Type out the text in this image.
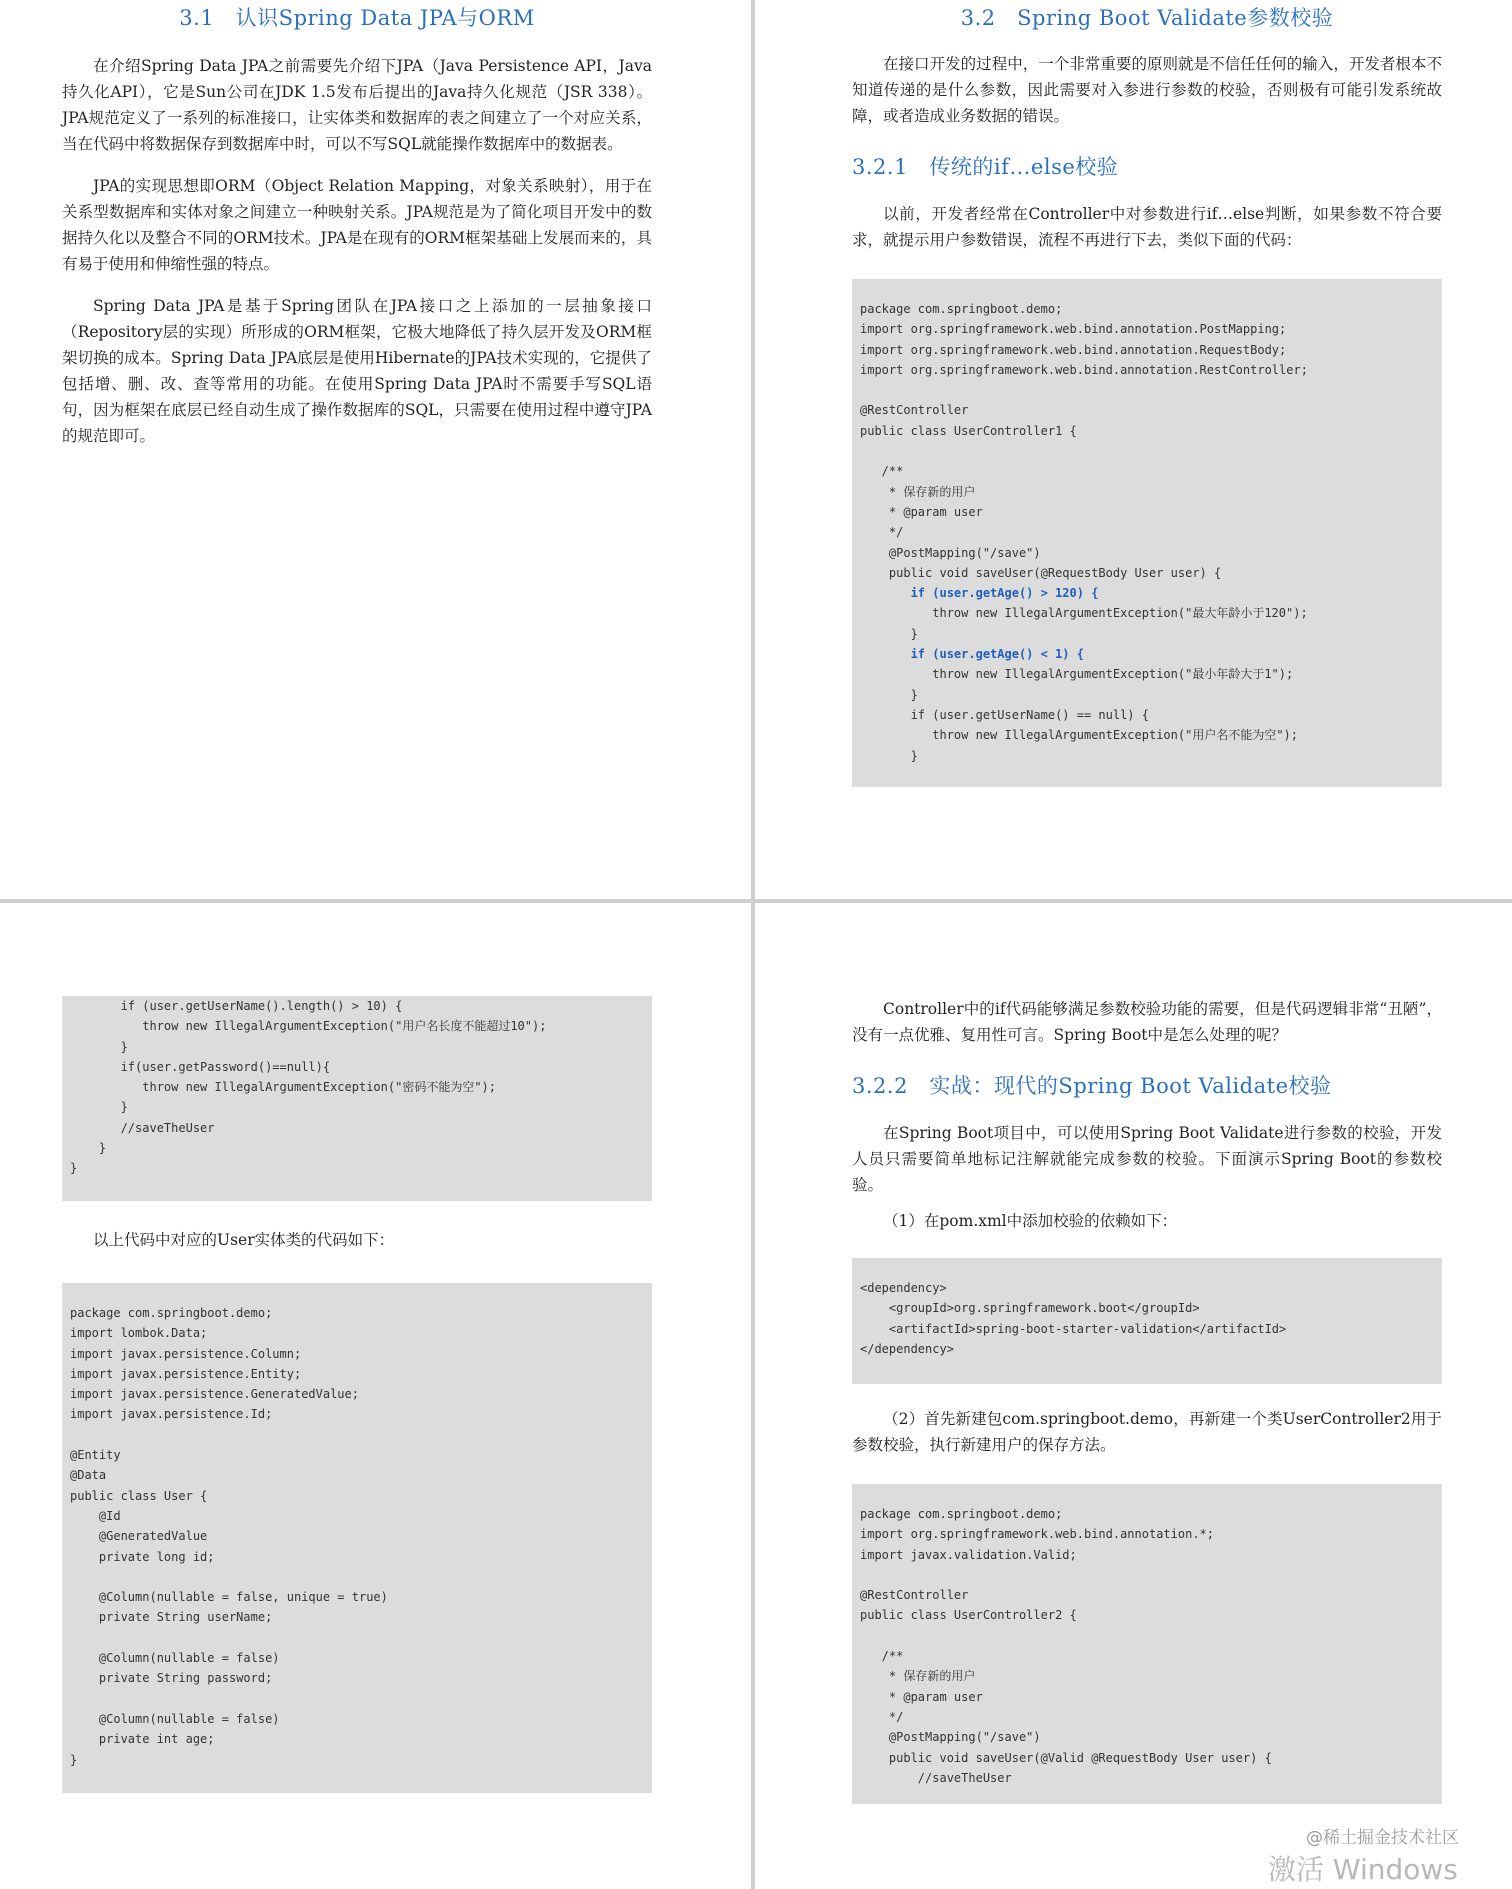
3.1　认识Spring Data JPA与ORM

在介绍Spring Data JPA之前需要先介绍下JPA（Java Persistence API，Java持久化API），它是Sun公司在JDK 1.5发布后提出的Java持久化规范（JSR 338）。JPA规范定义了一系列的标准接口，让实体类和数据库的表之间建立了一个对应关系，当在代码中将数据保存到数据库中时，可以不写SQL就能操作数据库中的数据表。

JPA的实现思想即ORM（Object Relation Mapping，对象关系映射），用于在关系型数据库和实体对象之间建立一种映射关系。JPA规范是为了简化项目开发中的数据持久化以及整合不同的ORM技术。JPA是在现有的ORM框架基础上发展而来的，具有易于使用和伸缩性强的特点。

Spring Data JPA是基于Spring团队在JPA接口之上添加的一层抽象接口（Repository层的实现）所形成的ORM框架，它极大地降低了持久层开发及ORM框架切换的成本。Spring Data JPA底层是使用Hibernate的JPA技术实现的，它提供了包括增、删、改、查等常用的功能。在使用Spring Data JPA时不需要手写SQL语句，因为框架在底层已经自动生成了操作数据库的SQL，只需要在使用过程中遵守JPA的规范即可。

3.2　Spring Boot Validate参数校验

在接口开发的过程中，一个非常重要的原则就是不信任任何的输入，开发者根本不知道传递的是什么参数，因此需要对入参进行参数的校验，否则极有可能引发系统故障，或者造成业务数据的错误。

3.2.1　传统的if…else校验

以前，开发者经常在Controller中对参数进行if…else判断，如果参数不符合要求，就提示用户参数错误，流程不再进行下去，类似下面的代码：

package com.springboot.demo;
import org.springframework.web.bind.annotation.PostMapping;
import org.springframework.web.bind.annotation.RequestBody;
import org.springframework.web.bind.annotation.RestController;
@RestController
public class UserController1 {
/**
* 保存新的用户
* @param user
*/
@PostMapping("/save")
public void saveUser(@RequestBody User user) {
if (user.getAge() > 120) {
throw new IllegalArgumentException("最大年龄小于120");
}
if (user.getAge() < 1) {
throw new IllegalArgumentException("最小年龄大于1");
}
if (user.getUserName() == null) {
throw new IllegalArgumentException("用户名不能为空");
}
if (user.getUserName().length() > 10) {
throw new IllegalArgumentException("用户名长度不能超过10");
}
if(user.getPassword()==null){
throw new IllegalArgumentException("密码不能为空");
}
//saveTheUser
}
}

以上代码中对应的User实体类的代码如下：

package com.springboot.demo;
import lombok.Data;
import javax.persistence.Column;
import javax.persistence.Entity;
import javax.persistence.GeneratedValue;
import javax.persistence.Id;
@Entity
@Data
public class User {
@Id
@GeneratedValue
private long id;
@Column(nullable = false, unique = true)
private String userName;
@Column(nullable = false)
private String password;
@Column(nullable = false)
private int age;
}

Controller中的if代码能够满足参数校验功能的需要，但是代码逻辑非常“丑陋”，没有一点优雅、复用性可言。Spring Boot中是怎么处理的呢？

3.2.2　实战：现代的Spring Boot Validate校验

在Spring Boot项目中，可以使用Spring Boot Validate进行参数的校验，开发人员只需要简单地标记注解就能完成参数的校验。下面演示Spring Boot的参数校验。

（1）在pom.xml中添加校验的依赖如下：

<dependency>
<groupId>org.springframework.boot</groupId>
<artifactId>spring-boot-starter-validation</artifactId>
</dependency>

（2）首先新建包com.springboot.demo，再新建一个类UserController2用于参数校验，执行新建用户的保存方法。

package com.springboot.demo;
import org.springframework.web.bind.annotation.*;
import javax.validation.Valid;
@RestController
public class UserController2 {
/**
* 保存新的用户
* @param user
*/
@PostMapping("/save")
public void saveUser(@Valid @RequestBody User user) {
//saveTheUser
@稀土掘金技术社区
激活 Windows
